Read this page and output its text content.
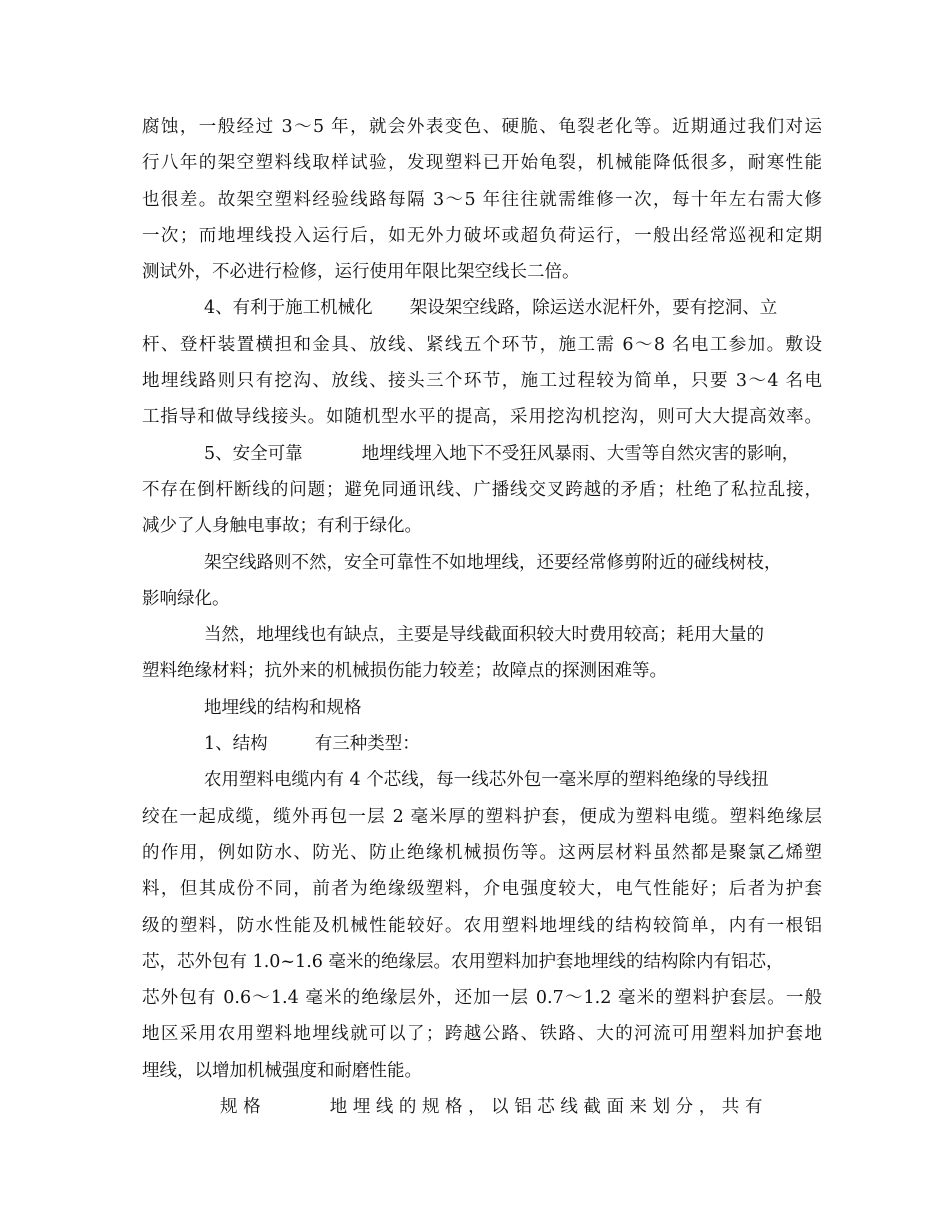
腐蚀，一般经过 3～5 年，就会外表变色、硬脆、龟裂老化等。近期通过我们对运
行八年的架空塑料线取样试验，发现塑料已开始龟裂，机械能降低很多，耐寒性能
也很差。故架空塑料经验线路每隔 3～5 年往往就需维修一次，每十年左右需大修
一次；而地埋线投入运行后，如无外力破坏或超负荷运行，一般出经常巡视和定期
测试外，不必进行检修，运行使用年限比架空线长二倍。
4、有利于施工机械化 架设架空线路，除运送水泥杆外，要有挖洞、立
杆、登杆装置横担和金具、放线、紧线五个环节，施工需 6～8 名电工参加。敷设
地埋线路则只有挖沟、放线、接头三个环节，施工过程较为简单，只要 3～4 名电
工指导和做导线接头。如随机型水平的提高，采用挖沟机挖沟，则可大大提高效率。
5、安全可靠	地埋线埋入地下不受狂风暴雨、大雪等自然灾害的影响，
不存在倒杆断线的问题；避免同通讯线、广播线交叉跨越的矛盾；杜绝了私拉乱接，
减少了人身触电事故；有利于绿化。
架空线路则不然，安全可靠性不如地埋线，还要经常修剪附近的碰线树枝，
影响绿化。
当然，地埋线也有缺点，主要是导线截面积较大时费用较高；耗用大量的
塑料绝缘材料；抗外来的机械损伤能力较差；故障点的探测困难等。
地埋线的结构和规格
1、结构	有三种类型：
农用塑料电缆内有 4 个芯线，每一线芯外包一毫米厚的塑料绝缘的导线扭
绞在一起成缆，缆外再包一层 2 毫米厚的塑料护套，便成为塑料电缆。塑料绝缘层
的作用，例如防水、防光、防止绝缘机械损伤等。这两层材料虽然都是聚氯乙烯塑
料，但其成份不同，前者为绝缘级塑料，介电强度较大，电气性能好；后者为护套
级的塑料，防水性能及机械性能较好。农用塑料地埋线的结构较简单，内有一根铝
芯，芯外包有 1.0~1.6 毫米的绝缘层。农用塑料加护套地埋线的结构除内有铝芯，
芯外包有 0.6～1.4 毫米的绝缘层外，还加一层 0.7～1.2 毫米的塑料护套层。一般
地区采用农用塑料地埋线就可以了；跨越公路、铁路、大的河流可用塑料加护套地
埋线，以增加机械强度和耐磨性能。
规 格	地 埋 线 的 规 格 ， 以 铝 芯 线 截 面 来 划 分 ， 共 有
